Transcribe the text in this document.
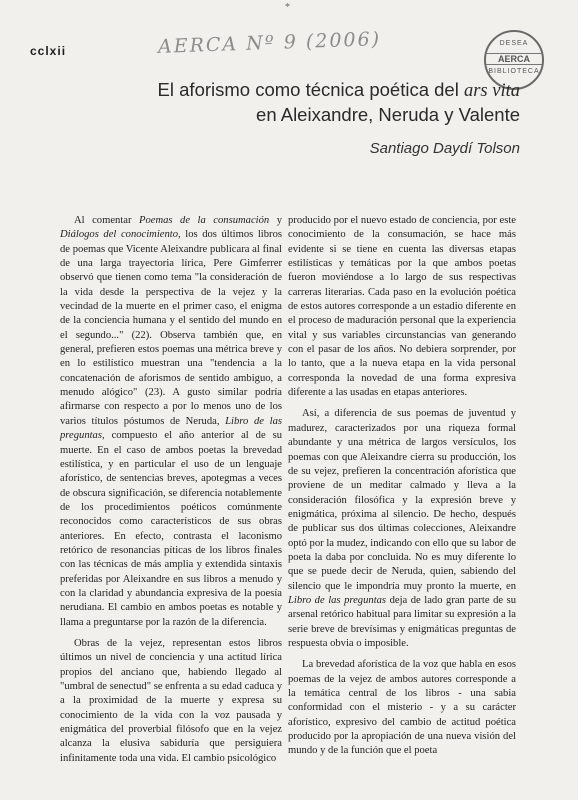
*
cclxii	AERCA Nº 9 (2006)	DESEA
AERCA
BIBLIOTECA
El aforismo como técnica poética del ars vita
en Aleixandre, Neruda y Valente
Santiago Daydí Tolson

Al comentar Poemas de la consumación y Diálogos del conocimiento, los dos últimos libros de poemas que Vicente Aleixandre publicara al final de una larga trayectoria lírica, Pere Gimferrer observó que tienen como tema "la consideración de la vida desde la perspectiva de la vejez y la vecindad de la muerte en el primer caso, el enigma de la conciencia humana y el sentido del mundo en el segundo..." (22). Observa también que, en general, prefieren estos poemas una métrica breve y en lo estilístico muestran una "tendencia a la concatenación de aforismos de sentido ambiguo, a menudo alógico" (23). A gusto similar podría afirmarse con respecto a por lo menos uno de los varios títulos póstumos de Neruda, Libro de las preguntas, compuesto el año anterior al de su muerte. En el caso de ambos poetas la brevedad estilística, y en particular el uso de un lenguaje aforístico, de sentencias breves, apotegmas a veces de obscura significación, se diferencia notablemente de los procedimientos poéticos comúnmente reconocidos como característicos de sus obras anteriores. En efecto, contrasta el laconismo retórico de resonancias píticas de los libros finales con las técnicas de más amplia y extendida sintaxis preferidas por Aleixandre en sus libros a menudo y con la claridad y abundancia expresiva de la poesía nerudiana. El cambio en ambos poetas es notable y llama a preguntarse por la razón de la diferencia.

Obras de la vejez, representan estos libros últimos un nivel de conciencia y una actitud lírica propios del anciano que, habiendo llegado al "umbral de senectud" se enfrenta a su edad caduca y a la proximidad de la muerte y expresa su conocimiento de la vida con la voz pausada y enigmática del proverbial filósofo que en la vejez alcanza la elusiva sabiduría que persiguiera infinitamente toda una vida. El cambio psicológico

producido por el nuevo estado de conciencia, por este conocimiento de la consumación, se hace más evidente si se tiene en cuenta las diversas etapas estilísticas y temáticas por la que ambos poetas fueron moviéndose a lo largo de sus respectivas carreras literarias. Cada paso en la evolución poética de estos autores corresponde a un estadio diferente en el proceso de maduración personal que la experiencia vital y sus variables circunstancias van generando con el pasar de los años. No debiera sorprender, por lo tanto, que a la nueva etapa en la vida personal corresponda la novedad de una forma expresiva diferente a las usadas en etapas anteriores.

Así, a diferencia de sus poemas de juventud y madurez, caracterizados por una riqueza formal abundante y una métrica de largos versículos, los poemas con que Aleixandre cierra su producción, los de su vejez, prefieren la concentración aforística que proviene de un meditar calmado y lleva a la consideración filosófica y la expresión breve y enigmática, próxima al silencio. De hecho, después de publicar sus dos últimas colecciones, Aleixandre optó por la mudez, indicando con ello que su labor de poeta la daba por concluida. No es muy diferente lo que se puede decir de Neruda, quien, sabiendo del silencio que le impondría muy pronto la muerte, en Libro de las preguntas deja de lado gran parte de su arsenal retórico habitual para limitar su expresión a la serie breve de brevísimas y enigmáticas preguntas de respuesta obvia o imposible.

La brevedad aforística de la voz que habla en esos poemas de la vejez de ambos autores corresponde a la temática central de los libros - una sabia conformidad con el misterio - y a su carácter aforístico, expresivo del cambio de actitud poética producido por la apropiación de una nueva visión del mundo y de la función que el poeta
